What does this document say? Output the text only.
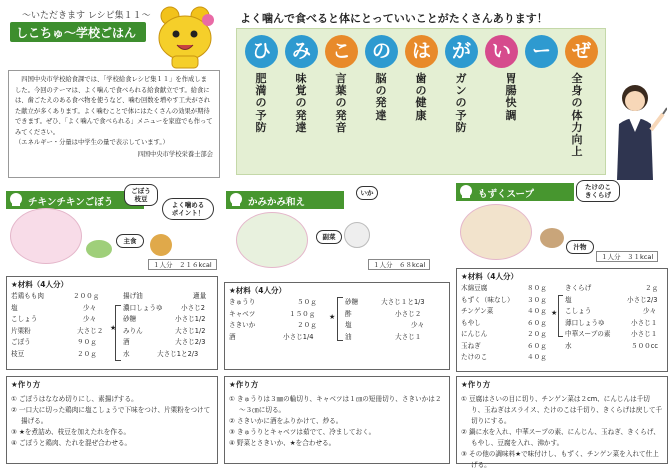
〜いただきます レシピ集１１〜
しこちゅ〜学校ごはん

　四国中央市学校給食課では、「学校給食レシピ集１１」を作成しました。今回のテーマは、よく噛んで食べられる給食献立です。給食には、歯ごたえのある食べ物を使うなど、噛む回数を増やす工夫がされた献立が多くあります。よく噛むことで体にはたくさんの効果が期待できます。ぜひ、「よく噛んで食べられる」メニューを家庭でも作ってみてください。

（エネルギー・分量は中学生の量で表示しています。）

四国中央市学校栄養士部会
よく噛んで食べると体にとっていいことがたくさんあります！
ひ	み	こ	の	は	が	い	ー	ぜ
肥満の予防
味覚の発達
言葉の発音
脳の発達
歯の健康
ガンの予防
胃腸快調
全身の体力向上
チキンチキンごぼう
ごぼう
枝豆
よく噛める
ポイント！
主食
１人分　２１６kcal
★材料（4人分）
若鶏もも肉	２００ｇ
塩	少々
こしょう	少々
片栗粉	大さじ２
ごぼう	９０ｇ
枝豆	２０ｇ
★
揚げ油	適量
濃口しょうゆ	小さじ2
砂糖	小さじ1/2
みりん	大さじ1/2
酒	大さじ2/3
水	大さじ1と2/3
★作り方

① ごぼうはななめ切りにし、素揚げする。

② 一口大に切った鶏肉に塩こしょうで下味をつけ、片栗粉をつけて揚げる。

③ ★を煮詰め、枝豆を加えたれを作る。

④ ごぼうと鶏肉、たれを混ぜ合わせる。

かみかみ和え
いか
副菜
１人分　６８kcal
★材料（4人分）
きゅうり	５０ｇ
キャベツ	１５０ｇ
さきいか	２０ｇ
酒	小さじ1/4
★
砂糖	大さじ１と1/3
酢	小さじ２
塩	少々
油	大さじ１
★作り方

① きゅうりは３㎜の輪切り、キャベツは１㎝の短冊切り、さきいかは２～３㎝に切る。

② さきいかに酒をふりかけて、炒る。

③ きゅうりとキャベツは茹でて、冷ましておく。

④ 野菜とさきいか、★を合わせる。

もずくスープ
たけのこ
きくらげ
汁物
１人分　３１kcal
★材料（4人分）
木綿豆腐	８０ｇ
もずく（味なし） ３０ｇ
チンゲン菜	４０ｇ
もやし	６０ｇ
にんじん	２０ｇ
玉ねぎ	６０ｇ
たけのこ	４０ｇ
★
きくらげ	２ｇ
塩	小さじ2/3
こしょう	少々
薄口しょうゆ	小さじ１
中華スープの素	小さじ１
水	５００cc
★作り方

① 豆腐はさいの目に切り、チンゲン菜は２cm、にんじんは千切り、玉ねぎはスライス、たけのこは千切り、きくらげは戻して千切りにする。

② 鍋に水を入れ、中華スープの素、にんじん、玉ねぎ、きくらげ、もやし、豆腐を入れ、沸かす。

③ その他の調味料★で味付けし、もずく、チンゲン菜を入れて仕上げる。
